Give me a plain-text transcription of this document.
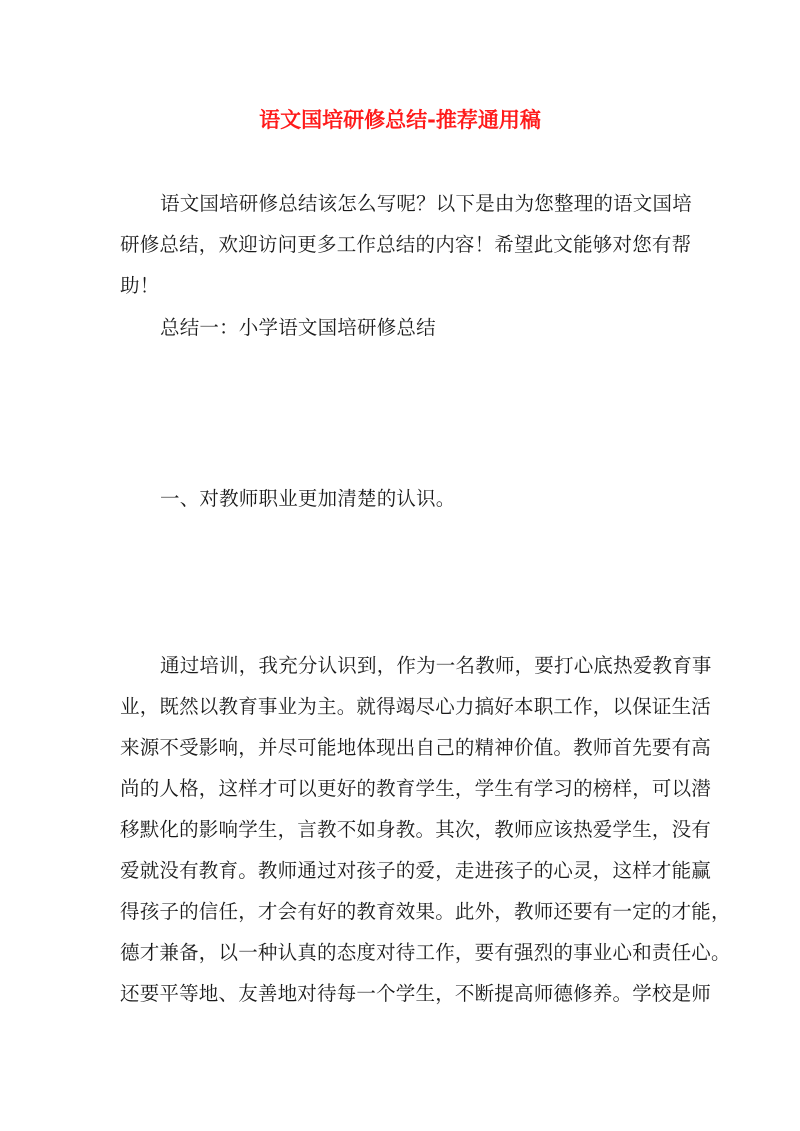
语文国培研修总结-推荐通用稿
语文国培研修总结该怎么写呢？以下是由为您整理的语文国培
研修总结，欢迎访问更多工作总结的内容！希望此文能够对您有帮
助！
总结一：小学语文国培研修总结
一、对教师职业更加清楚的认识。
通过培训，我充分认识到，作为一名教师，要打心底热爱教育事
业，既然以教育事业为主。就得竭尽心力搞好本职工作，以保证生活
来源不受影响，并尽可能地体现出自己的精神价值。教师首先要有高
尚的人格，这样才可以更好的教育学生，学生有学习的榜样，可以潜
移默化的影响学生，言教不如身教。其次，教师应该热爱学生，没有
爱就没有教育。教师通过对孩子的爱，走进孩子的心灵，这样才能赢
得孩子的信任，才会有好的教育效果。此外，教师还要有一定的才能，
德才兼备，以一种认真的态度对待工作，要有强烈的事业心和责任心。
还要平等地、友善地对待每一个学生，不断提高师德修养。学校是师
